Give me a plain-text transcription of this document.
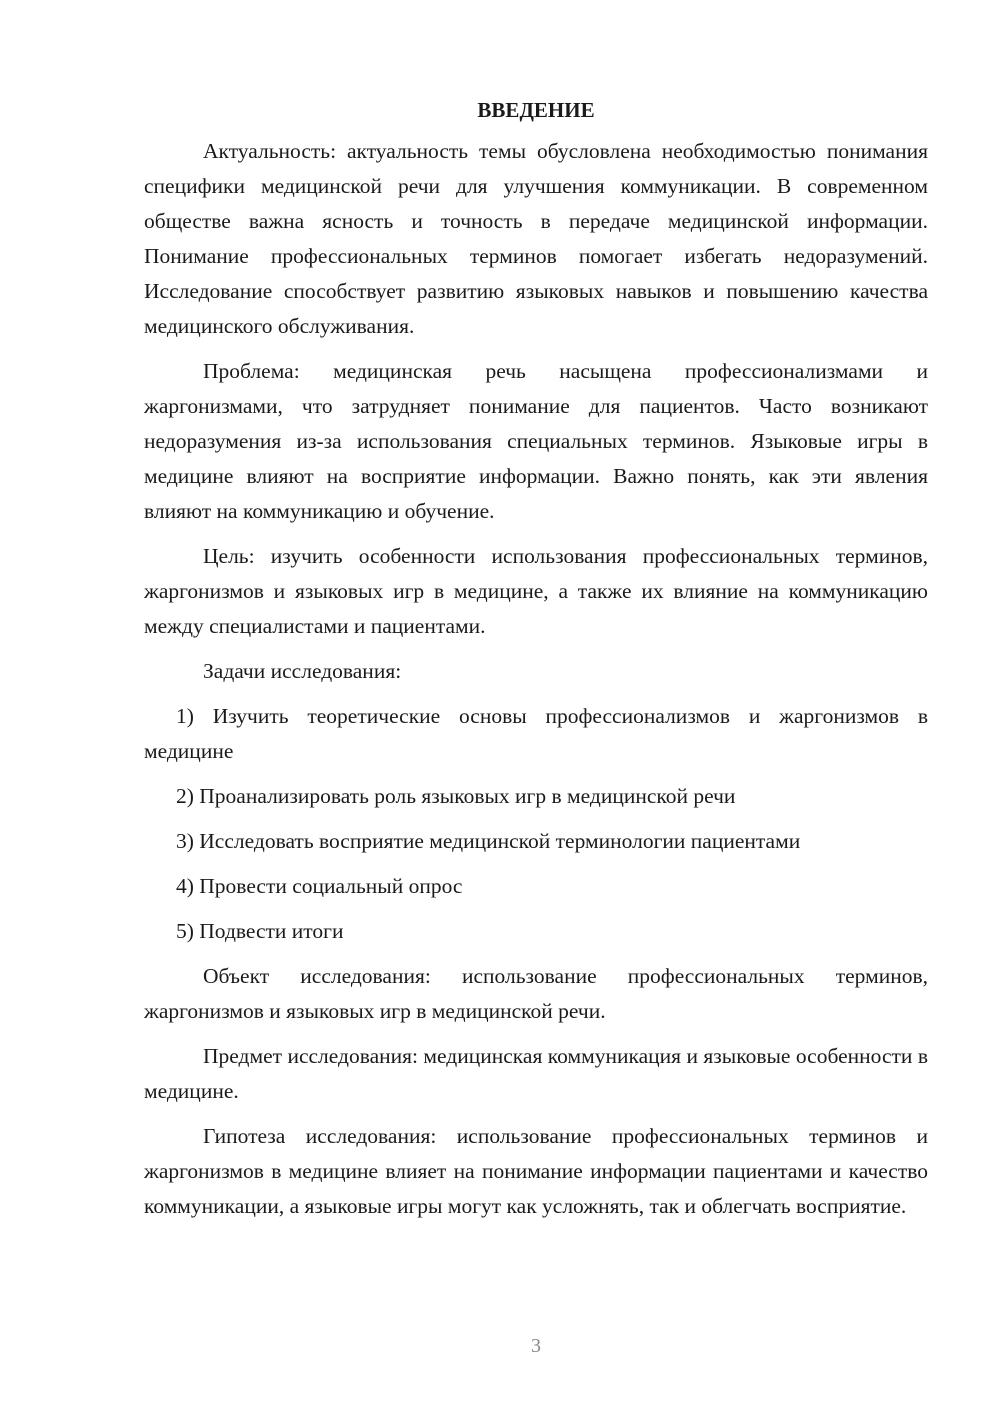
ВВЕДЕНИЕ

Актуальность: актуальность темы обусловлена необходимостью понимания специфики медицинской речи для улучшения коммуникации. В современном обществе важна ясность и точность в передаче медицинской информации. Понимание профессиональных терминов помогает избегать недоразумений. Исследование способствует развитию языковых навыков и повышению качества медицинского обслуживания.

Проблема: медицинская речь насыщена профессионализмами и жаргонизмами, что затрудняет понимание для пациентов. Часто возникают недоразумения из-за использования специальных терминов. Языковые игры в медицине влияют на восприятие информации. Важно понять, как эти явления влияют на коммуникацию и обучение.

Цель: изучить особенности использования профессиональных терминов, жаргонизмов и языковых игр в медицине, а также их влияние на коммуникацию между специалистами и пациентами.

Задачи исследования:

1) Изучить теоретические основы профессионализмов и жаргонизмов в медицине

2) Проанализировать роль языковых игр в медицинской речи

3) Исследовать восприятие медицинской терминологии пациентами

4) Провести социальный опрос

5) Подвести итоги

Объект исследования: использование профессиональных терминов, жаргонизмов и языковых игр в медицинской речи.

Предмет исследования: медицинская коммуникация и языковые особенности в медицине.

Гипотеза исследования: использование профессиональных терминов и жаргонизмов в медицине влияет на понимание информации пациентами и качество коммуникации, а языковые игры могут как усложнять, так и облегчать восприятие.

3
